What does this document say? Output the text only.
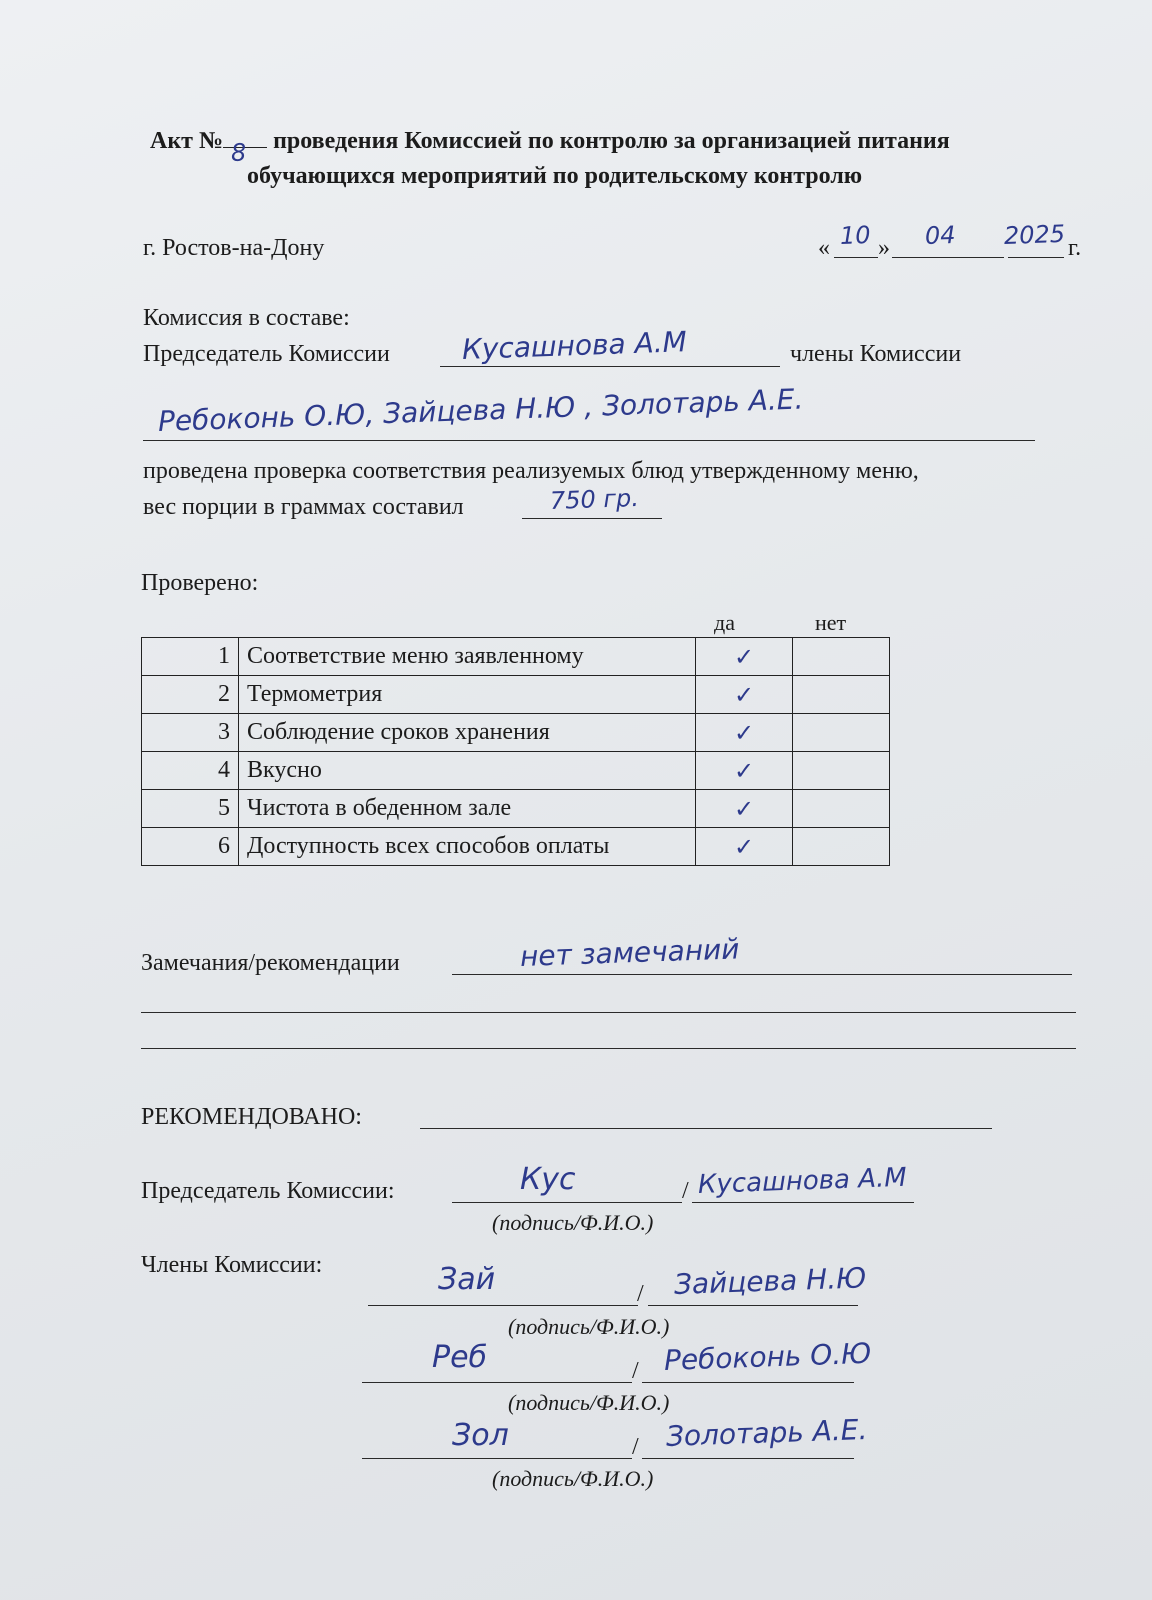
Акт № 8 проведения Комиссией по контролю за организацией питания
обучающихся мероприятий по родительскому контролю
г. Ростов-на-Дону	« 10 » 04 2025 г.
Комиссия в составе:
Председатель Комиссии	Кусашнова А.М	члены Комиссии
Ребоконь О.Ю, Зайцева Н.Ю , Золотарь А.Е.
проведена проверка соответствия реализуемых блюд утвержденному меню,
вес порции в граммах составил	750 гр.
Проверено:
да	нет
1	Соответствие меню заявленному	✓	
2	Термометрия	✓	
3	Соблюдение сроков хранения	✓	
4	Вкусно	✓	
5	Чистота в обеденном зале	✓	
6	Доступность всех способов оплаты	✓	
Замечания/рекомендации	нет замечаний
РЕКОМЕНДОВАНО:
Председатель Комиссии:	Кус	/ Кусашнова А.М
(подпись/Ф.И.О.)
Члены Комиссии:	Зай	/ Зайцева Н.Ю
(подпись/Ф.И.О.)
Реб	/ Ребоконь О.Ю
(подпись/Ф.И.О.)
Зол	/ Золотарь А.Е.
(подпись/Ф.И.О.)
